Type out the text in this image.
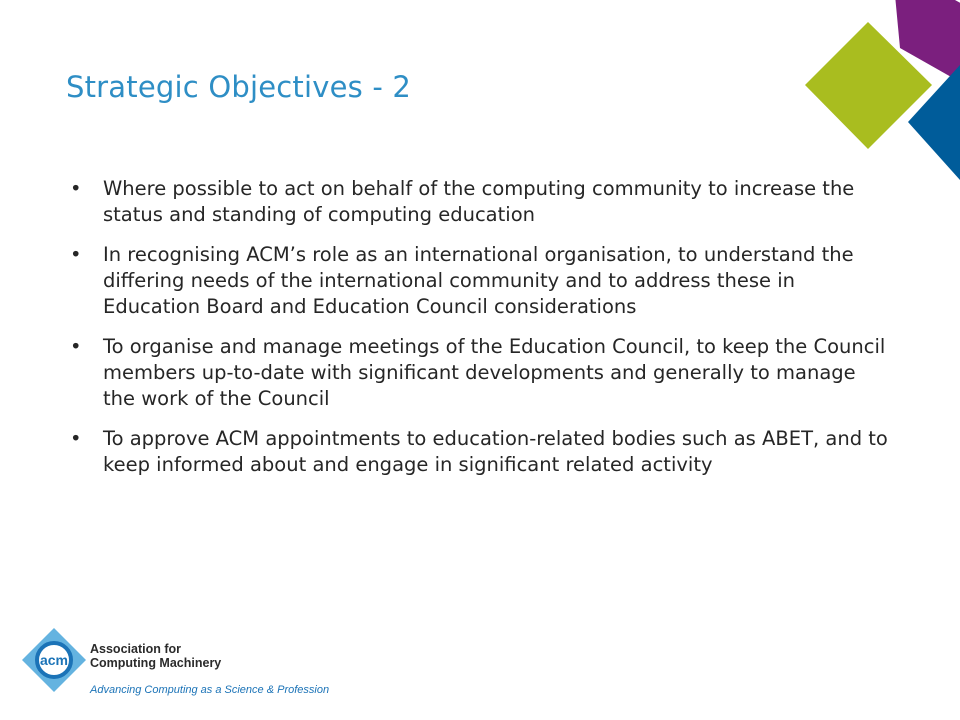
Strategic Objectives - 2
• Where possible to act on behalf of the computing community to increase the status and standing of computing education
• In recognising ACM’s role as an international organisation, to understand the differing needs of the international community and to address these in Education Board and Education Council considerations
• To organise and manage meetings of the Education Council, to keep the Council members up-to-date with significant developments and generally to manage the work of the Council
• To approve ACM appointments to education-related bodies such as ABET, and to keep informed about and engage in significant related activity
acm
Association for
Computing Machinery
Advancing Computing as a Science & Profession
